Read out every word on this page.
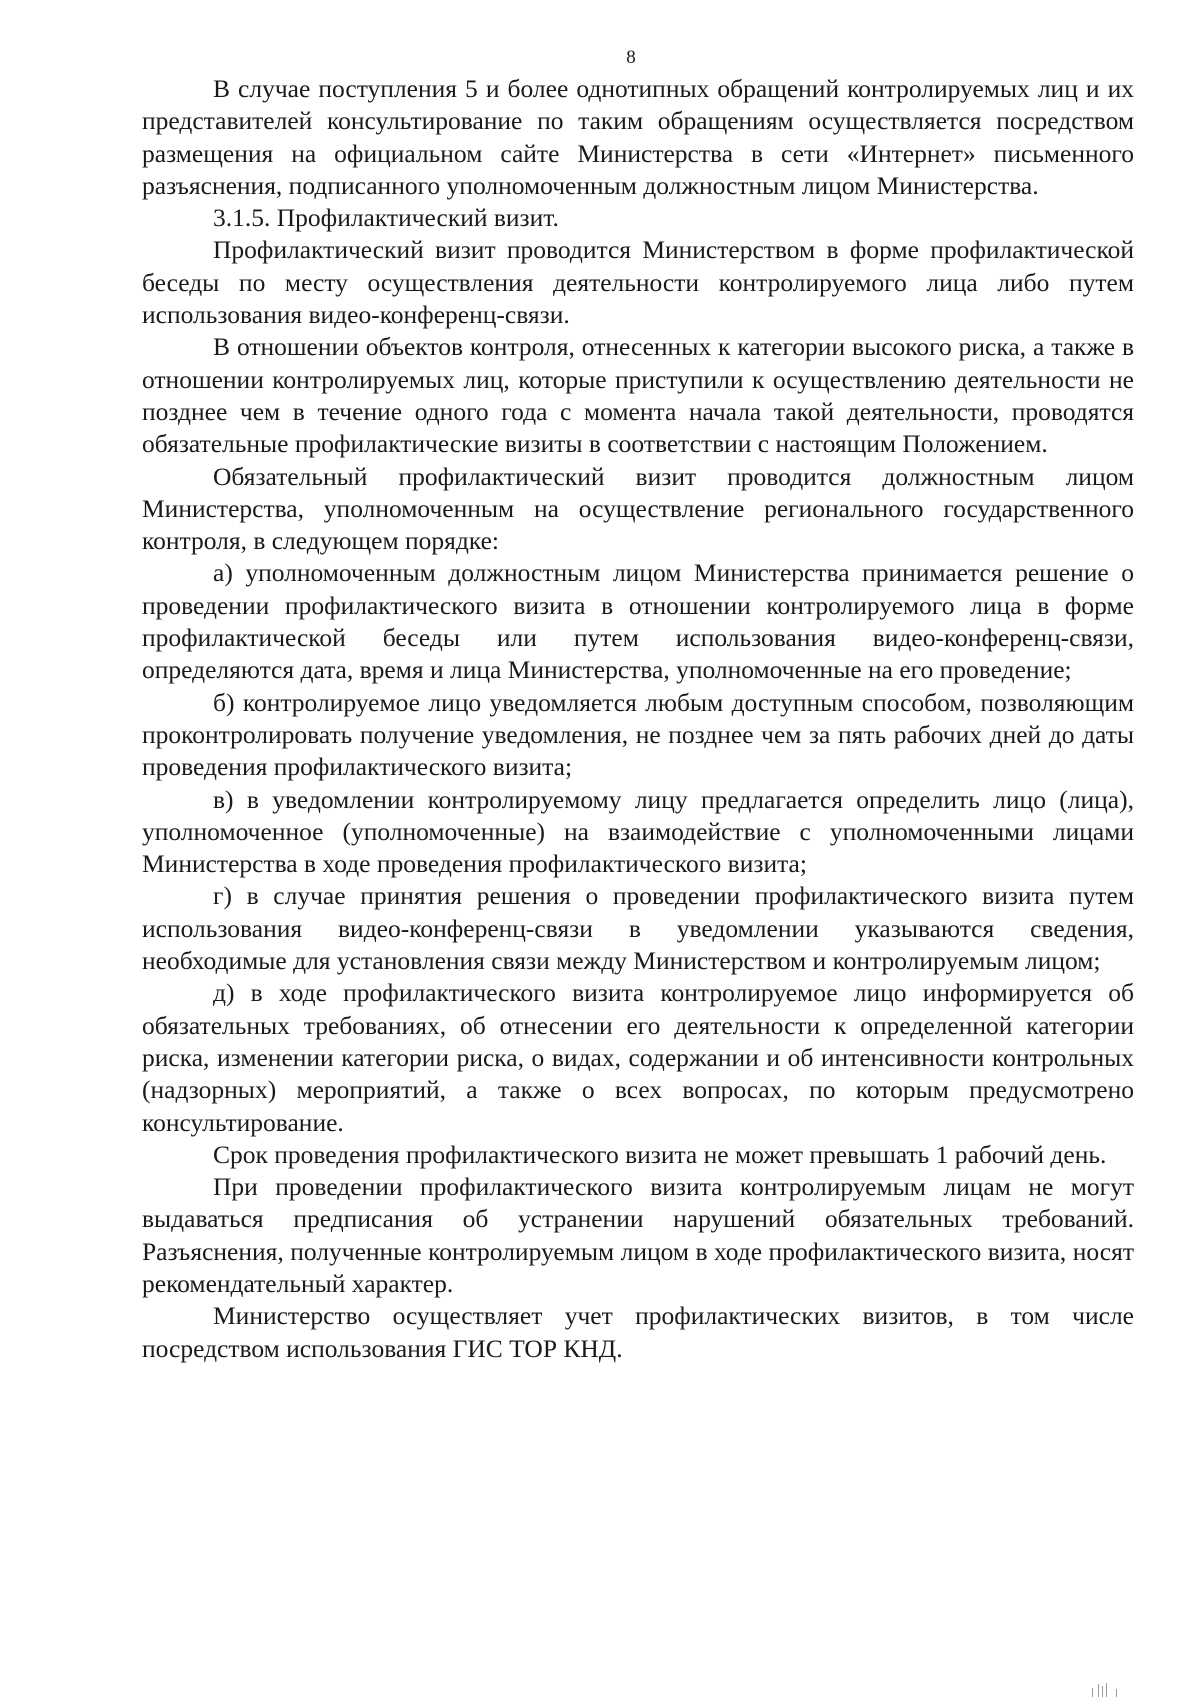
8

В случае поступления 5 и более однотипных обращений контролируемых лиц и их представителей консультирование по таким обращениям осуществляется посредством размещения на официальном сайте Министерства в сети «Интернет» письменного разъяснения, подписанного уполномоченным должностным лицом Министерства.

3.1.5. Профилактический визит.

Профилактический визит проводится Министерством в форме профилактической беседы по месту осуществления деятельности контролируемого лица либо путем использования видео-конференц-связи.

В отношении объектов контроля, отнесенных к категории высокого риска, а также в отношении контролируемых лиц, которые приступили к осуществлению деятельности не позднее чем в течение одного года с момента начала такой деятельности, проводятся обязательные профилактические визиты в соответствии с настоящим Положением.

Обязательный профилактический визит проводится должностным лицом Министерства, уполномоченным на осуществление регионального государственного контроля, в следующем порядке:

а) уполномоченным должностным лицом Министерства принимается решение о проведении профилактического визита в отношении контролируемого лица в форме профилактической беседы или путем использования видео-конференц-связи, определяются дата, время и лица Министерства, уполномоченные на его проведение;

б) контролируемое лицо уведомляется любым доступным способом, позволяющим проконтролировать получение уведомления, не позднее чем за пять рабочих дней до даты проведения профилактического визита;

в) в уведомлении контролируемому лицу предлагается определить лицо (лица), уполномоченное (уполномоченные) на взаимодействие с уполномоченными лицами Министерства в ходе проведения профилактического визита;

г) в случае принятия решения о проведении профилактического визита путем использования видео-конференц-связи в уведомлении указываются сведения, необходимые для установления связи между Министерством и контролируемым лицом;

д) в ходе профилактического визита контролируемое лицо информируется об обязательных требованиях, об отнесении его деятельности к определенной категории риска, изменении категории риска, о видах, содержании и об интенсивности контрольных (надзорных) мероприятий, а также о всех вопросах, по которым предусмотрено консультирование.

Срок проведения профилактического визита не может превышать 1 рабочий день.

При проведении профилактического визита контролируемым лицам не могут выдаваться предписания об устранении нарушений обязательных требований. Разъяснения, полученные контролируемым лицом в ходе профилактического визита, носят рекомендательный характер.

Министерство осуществляет учет профилактических визитов, в том числе посредством использования ГИС ТОР КНД.
